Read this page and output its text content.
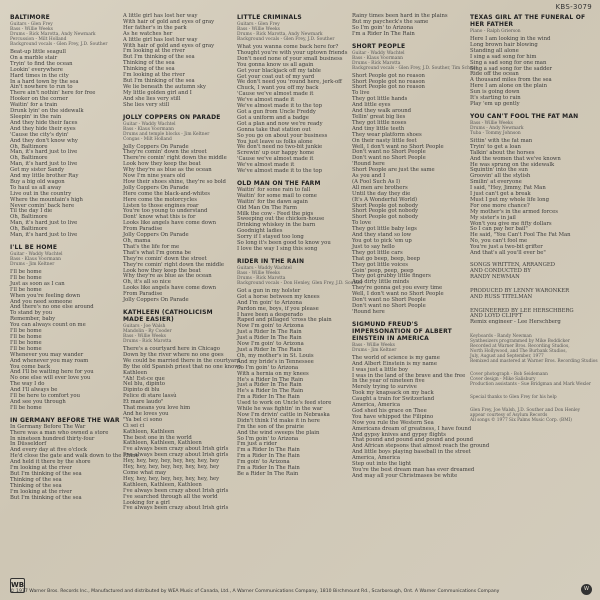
KBS-3079
BALTIMORE
Guitars - Glen Frey
Bass - Willie Weeks
Drums - Rick Marotta, Andy Newmark
Percussion - Milt Holland
Background vocals - Glen Frey, J.D. Souther
Beat-up little seagull
On a marble stair
Tryin' to find the ocean
Lookin' everywhere
Hard times in the city
In a hard town by the sea
Ain't nowhere to run to
There ain't nothin' here for free
Hooker on the corner
Waitin' for a train
Drunk lyin' on the sidewalk
Sleepin' in the rain
And they hide their faces
And they hide their eyes
'Cause the city's dyin'
And they don't know why
Oh, Baltimore
Man, it's hard just to live
Oh, Baltimore
Man, it's hard just to live
Get my sister Sandy
And my little brother Ray
Buy a big old wagon
To haul us all away
Live out in the country
Where the mountain's high
Never comin' back here
Til the day I die
Oh, Baltimore
Man, it's hard just to live
Oh, Baltimore
Man, it's hard just to live
I'LL BE HOME
Guitar - Waddy Wachtel
Bass - Klaus Voormann
Drums - Jim Keltner
I'll be home
I'll be home
Just as soon as I can
I'll be home
When you're feeling down
And you need someone
And there's no one else around
To stand by you
Remember, baby
You can always count on me
I'll be home
I'll be home
I'll be home
I'll be home
Whenever you may wander
And whenever you may roam
You come back
And I'll be waiting here for you
No one else will ever love you
The way I do
And I'll always be
I'll be here to comfort you
And see you through
I'll be home
IN GERMANY BEFORE THE WAR
In Germany Before The War
There was a man who owned a store
In nineteen hundred thirty-four
In Düsseldorf
And every day at five o'clock
He'd close the gate and walk down to the Rhine
And held it there by the shore
I'm looking at the river
But I'm thinking of the sea
Thinking of the sea
Thinking of the sea
I'm looking at the river
But I'm thinking of the sea
A little girl has lost her way
With hair of gold and eyes of gray
Her father's in the park
As he watches her
A little girl has lost her way
With hair of gold and eyes of gray
I'm looking at the river
But I'm thinking of the sea
Thinking of the sea
Thinking of the sea
I'm looking at the river
But I'm thinking of the sea
We lie beneath the autumn sky
My little golden girl and I
And she lies very still
She lies very still
JOLLY COPPERS ON PARADE
Guitar - Waddy Wachtel
Bass - Klaus Voormann
Drums and temple blocks - Jim Keltner
Congas - Milt Holland
Jolly Coppers On Parade
They're comin' down the street
There're comin' right down the middle
Look how they keep the beat
Why they're as blue as the ocean
Now I'm nine years old
How their shoes shine, they're so bold
Jolly Coppers On Parade
Here come the black-and-whites
Here come the motorcycles
Listen to those engines roar
You're too young to understand
Dont' know what this is for
Looks like angels have come down
From Paradise
Jolly Coppers On Parade
Oh, mama
That's the life for me
That's what I'm gonna be
They're comin' down the street
They're comin' right down the middle
Look how they keep the beat
Why they're as blue as the ocean
Oh, it's all so nice
Looks like angels have come down
From Paradise
Jolly Coppers On Parade
KATHLEEN (CATHOLICISM MADE EASIER)
Guitars - Joe Walsh
Mandolin - Ry Cooder
Bass - Willie Weeks
Drums - Rick Marotta
There's a courtyard here in Chicago
Down by the river where no one goes
We could be married there in the courtyard
By the old Spanish priest that no one knows
Kathleen
"Ah! Est-ce que
Nel blu, dipinto
Dipinto di blu
Felice di stare lassù
Et mare laudo"
That means you love him
And he loves you
"Ya bel ci sono
Ci sei ci
Kathleen, Kathleen
The best one in the world
Kathleen, Kathleen, Kathleen
I've always been crazy about Irish girls
I've always been crazy about Irish girls
Hey, hey, hey, hey, hey, hey, hey, hey
Hey, hey, hey, hey, hey, hey, hey, hey
Come what may
Hey, hey, hey, hey, hey, hey, hey, hey
Kathleen, Kathleen, Kathleen
I've always been crazy about Irish girls
I've searched through all the world
Looking for a girl
I've always been crazy about Irish girls
LITTLE CRIMINALS
Guitars - Glen Frey
Bass - Willie Weeks
Drums - Rick Marotta, Andy Newmark
Background vocals - Glen Frey, J.D. Souther
What you wanna come back here for?
Thought you're with your uptown friends
Don't need none of your small business
You gonna know us all again
Get your blackjack off my table
Get your coat out of my yard
We don't need you 'round here, jerk-off
Chuck, I want you off my back
'Cause we've almost made it
We've almost made it
We've almost made it to the top
Got a gun from Uncle Freddy
Got a uniform and a badge
Got a plan and now we're ready
Gonna take that station out
So you go on about your business
You just leave us folks alone
We don't need no two-bit junkie
Screwin' up our happy home
'Cause we've almost made it
We've almost made it
We've almost made it to the top
OLD MAN ON THE FARM
Waitin' for some rain to fall
Waitin' for some mail to come
Waitin' for the dawn again
Old Man On The Farm
Milk the cow - Feed the pigs
Sweeping out the chicken-house
Drinking whiskey in the barn
Goodnight ladies
Sorry if I stayed too long
So long it's been good to know you
I love the way I sing this song
RIDER IN THE RAIN
Guitars - Waddy Wachtel
Bass - Willie Weeks
Drums - Rick Marotta
Background vocals - Don Henley, Glen Frey, J.D. Souther
Got a gun in my holster
Got a horse between my knees
And I'm goin' to Arizona
Pardon me, boys, if you please
I have been a desperado
Raped and pillaged 'cross the plain
Now I'm goin' to Arizona
Just a Rider In The Rain
Just a Rider In The Rain
Now I'm goin' to Arizona
Just a Rider In The Rain
Oh, my mother's in St. Louis
And my bride's in Tennessee
So I'm goin' to Arizona
With a hernia on my knees
He's a Rider In The Rain
Just a Rider In The Rain
He's a Rider In The Rain
I'm a Rider In The Rain
Used to work on Uncle's feed store
While he was fightin' in the war
Now I'm drivin' cattle in Nebraska
Didn't think I'd make it in here
I'm the son of the prairie
And the wind sweeps the plain
So I'm goin' to Arizona
I'm just a rider
I'm a Rider In The Rain
I'm a Rider In The Rain
I'm goin' to Arizona
I'm a Rider In The Rain
Be a Rider In The Rain
Rainy times been hard in the plains
But my paycheck's the same
So I'm goin' to Arizona
I'm a Rider In The Rain
SHORT PEOPLE
Guitar - Waddy Wachtel
Bass - Klaus Voormann
Drums - Rick Marotta
Background vocals - Glen Frey, J.D. Souther, Tim Schmit
Short People got no reason
Short People got no reason
Short People got no reason
To live
They got little hands
And little eyes
And they walk around
Tellin' great big lies
They got little noses
And tiny little teeth
They wear platform shoes
On their nasty little feet
Well, I don't want no Short People
Don't want no Short People
Don't want no Short People
'Round here
Short People are just the same
As you and I
(A Fool Such As I)
All men are brothers
Until the day they die
(It's A Wonderful World)
Short People got nobody
Short People got nobody
Short People got nobody
To love
They got little baby legs
And they stand so low
You got to pick 'em up
Just to say hello
They got little cars
That go beep, beep, beep
They got little voices
Goin' peep, peep, peep
They got grubby little fingers
And dirty little minds
They're gonna get you every time
Well, I don't want no Short People
Don't want no Short People
Don't want no Short People
'Round here
SIGMUND FREUD'S IMPERSONATION OF ALBERT EINSTEIN IN AMERICA
Bass - Willie Weeks
Drums - Jim Keltner
The world of science is my game
And Albert Einstein is my name
I was just a little boy
I was in the land of the brave and the free
In the year of nineteen five
Merely trying to survive
Took my knapsack on my back
Caught a train for Switzerland
America, America
God shed his grace on Thee
You have whipped the Filipino
Now you rule the Western Sea
Americans dream of greatness, I have found
And gypsy knives and gypsy flights
That pound and pound and pound and pound
And African stepsons that almost reach the ground
And little boys playing baseball in the street
America, America
Step out into the light
You're the best dream man has ever dreamed
And may all your Christmases be white
TEXAS GIRL AT THE FUNERAL OF HER FATHER
Piano - Ralph Grierson
Here I am looking in the wind
Long brown hair blowing
Standing all alone
I sing a sad song for him
Sing a sad song for one man
Sing a sad song for the sadder
Ride off the ocean
A thousand miles from the sea
Here I am alone on the plain
Sun is going down
It's starting to rain
Play 'em up gently
YOU CAN'T FOOL THE FAT MAN
Bass - Willie Weeks
Drums - Andy Newmark
Tuba - Tommy Johnson
Sittin' with the fat man
Tryin' to get a loan
Talkin' about the horses
And the women that we've known
He was sprung on the sidewalk
Squintin' into the sun
Groovin' all the stylish
Smilin' at everyone
I said, "Hey, Jimmy, Fat Man
I just can't get a break
Must I put my whole life long
For one more chance?
My mother's in the armed forces
My sister's in jail
Won't you give me fifty dollars
So I can pay her bail"
He said, "You Can't Fool The Fat Man
No, you can't fool me
You're just a two-bit grifter
And that's all you'll ever be"
SONGS WRITTEN, ARRANGED
AND CONDUCTED BY
RANDY NEWMAN
PRODUCED BY LENNY WARONKER
AND RUSS TITELMAN
ENGINEERED BY LEE HERSCHBERG
AND LOYD CLIFFT
Remix engineer - Lee Herschberg
Keyboards - Randy Newman
Synthesizers programmed by Mike Boddicker
Recorded at Warner Bros. Recording Studios,
North Hollywood, and The Burbank Studios,
July, August and September, 1977
Remixed and mastered at Warner Bros. Recording Studios
Cover photograph - Bob Seidemann
Cover design - Mike Salisbury
Production assistants - Sue Bridgman and Mark Wexler
Special thanks to Glen Frey for his help
Glen Frey, Joe Walsh, J.D. Souther and Don Henley
appear courtesy of Asylum Records
All songs © 1977 Six Palms Music Corp. (BMI)
WB
© 1977 Warner Bros. Records Inc., Manufactured and distributed by WEA Music of Canada, Ltd., A Warner Communications Company, 1810 Birchmount Rd., Scarborough, Ont. A Warner Communications Company	W
